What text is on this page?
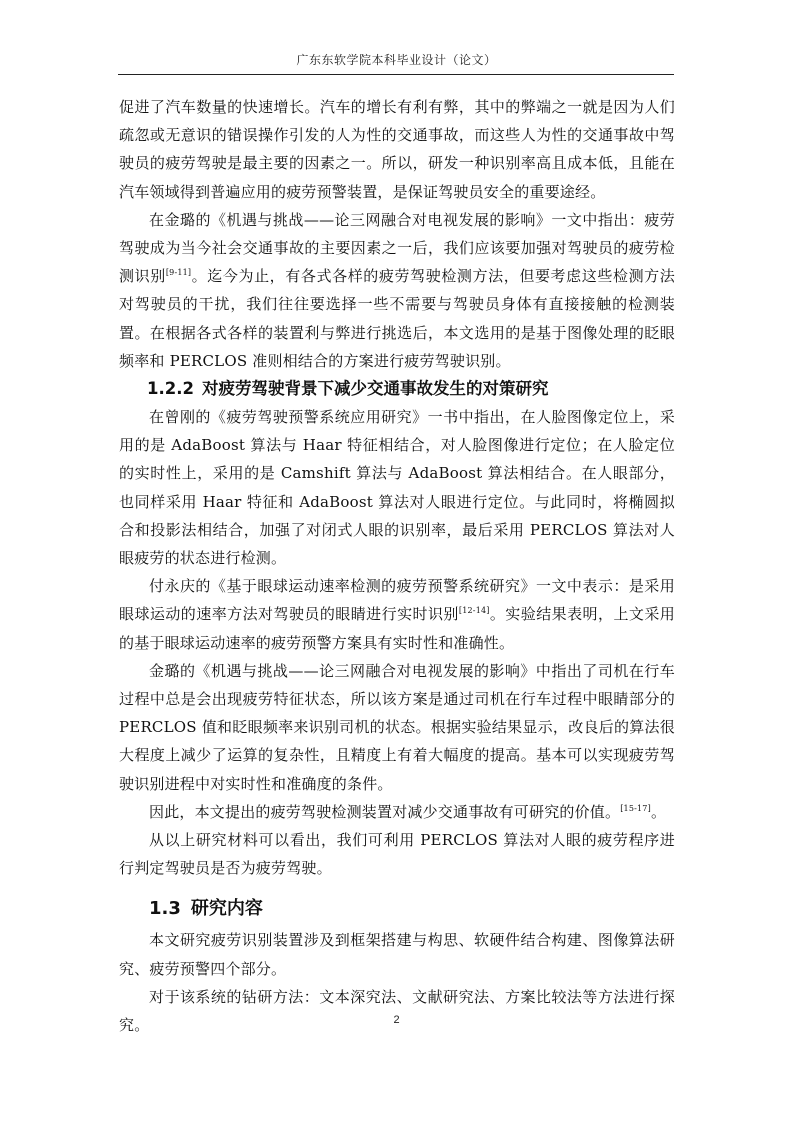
广东东软学院本科毕业设计（论文）

促进了汽车数量的快速增长。汽车的增长有利有弊，其中的弊端之一就是因为人们疏忽或无意识的错误操作引发的人为性的交通事故，而这些人为性的交通事故中驾驶员的疲劳驾驶是最主要的因素之一。所以，研发一种识别率高且成本低，且能在汽车领域得到普遍应用的疲劳预警装置，是保证驾驶员安全的重要途经。

在金璐的《机遇与挑战——论三网融合对电视发展的影响》一文中指出：疲劳驾驶成为当今社会交通事故的主要因素之一后，我们应该要加强对驾驶员的疲劳检测识别[9-11]。迄今为止，有各式各样的疲劳驾驶检测方法，但要考虑这些检测方法对驾驶员的干扰，我们往往要选择一些不需要与驾驶员身体有直接接触的检测装置。在根据各式各样的装置利与弊进行挑选后，本文选用的是基于图像处理的眨眼频率和 PERCLOS 准则相结合的方案进行疲劳驾驶识别。

1.2.2 对疲劳驾驶背景下减少交通事故发生的对策研究

在曾刚的《疲劳驾驶预警系统应用研究》一书中指出，在人脸图像定位上，采用的是 AdaBoost 算法与 Haar 特征相结合，对人脸图像进行定位；在人脸定位的实时性上，采用的是 Camshift 算法与 AdaBoost 算法相结合。在人眼部分，也同样采用 Haar 特征和 AdaBoost 算法对人眼进行定位。与此同时，将椭圆拟合和投影法相结合，加强了对闭式人眼的识别率，最后采用 PERCLOS 算法对人眼疲劳的状态进行检测。

付永庆的《基于眼球运动速率检测的疲劳预警系统研究》一文中表示：是采用眼球运动的速率方法对驾驶员的眼睛进行实时识别[12-14]。实验结果表明，上文采用的基于眼球运动速率的疲劳预警方案具有实时性和准确性。

金璐的《机遇与挑战——论三网融合对电视发展的影响》中指出了司机在行车过程中总是会出现疲劳特征状态，所以该方案是通过司机在行车过程中眼睛部分的 PERCLOS 值和眨眼频率来识别司机的状态。根据实验结果显示，改良后的算法很大程度上减少了运算的复杂性，且精度上有着大幅度的提高。基本可以实现疲劳驾驶识别进程中对实时性和准确度的条件。

因此，本文提出的疲劳驾驶检测装置对减少交通事故有可研究的价值。[15-17]。

从以上研究材料可以看出，我们可利用 PERCLOS 算法对人眼的疲劳程序进行判定驾驶员是否为疲劳驾驶。

1.3 研究内容

本文研究疲劳识别装置涉及到框架搭建与构思、软硬件结合构建、图像算法研究、疲劳预警四个部分。

对于该系统的钻研方法：文本深究法、文献研究法、方案比较法等方法进行探究。	2
